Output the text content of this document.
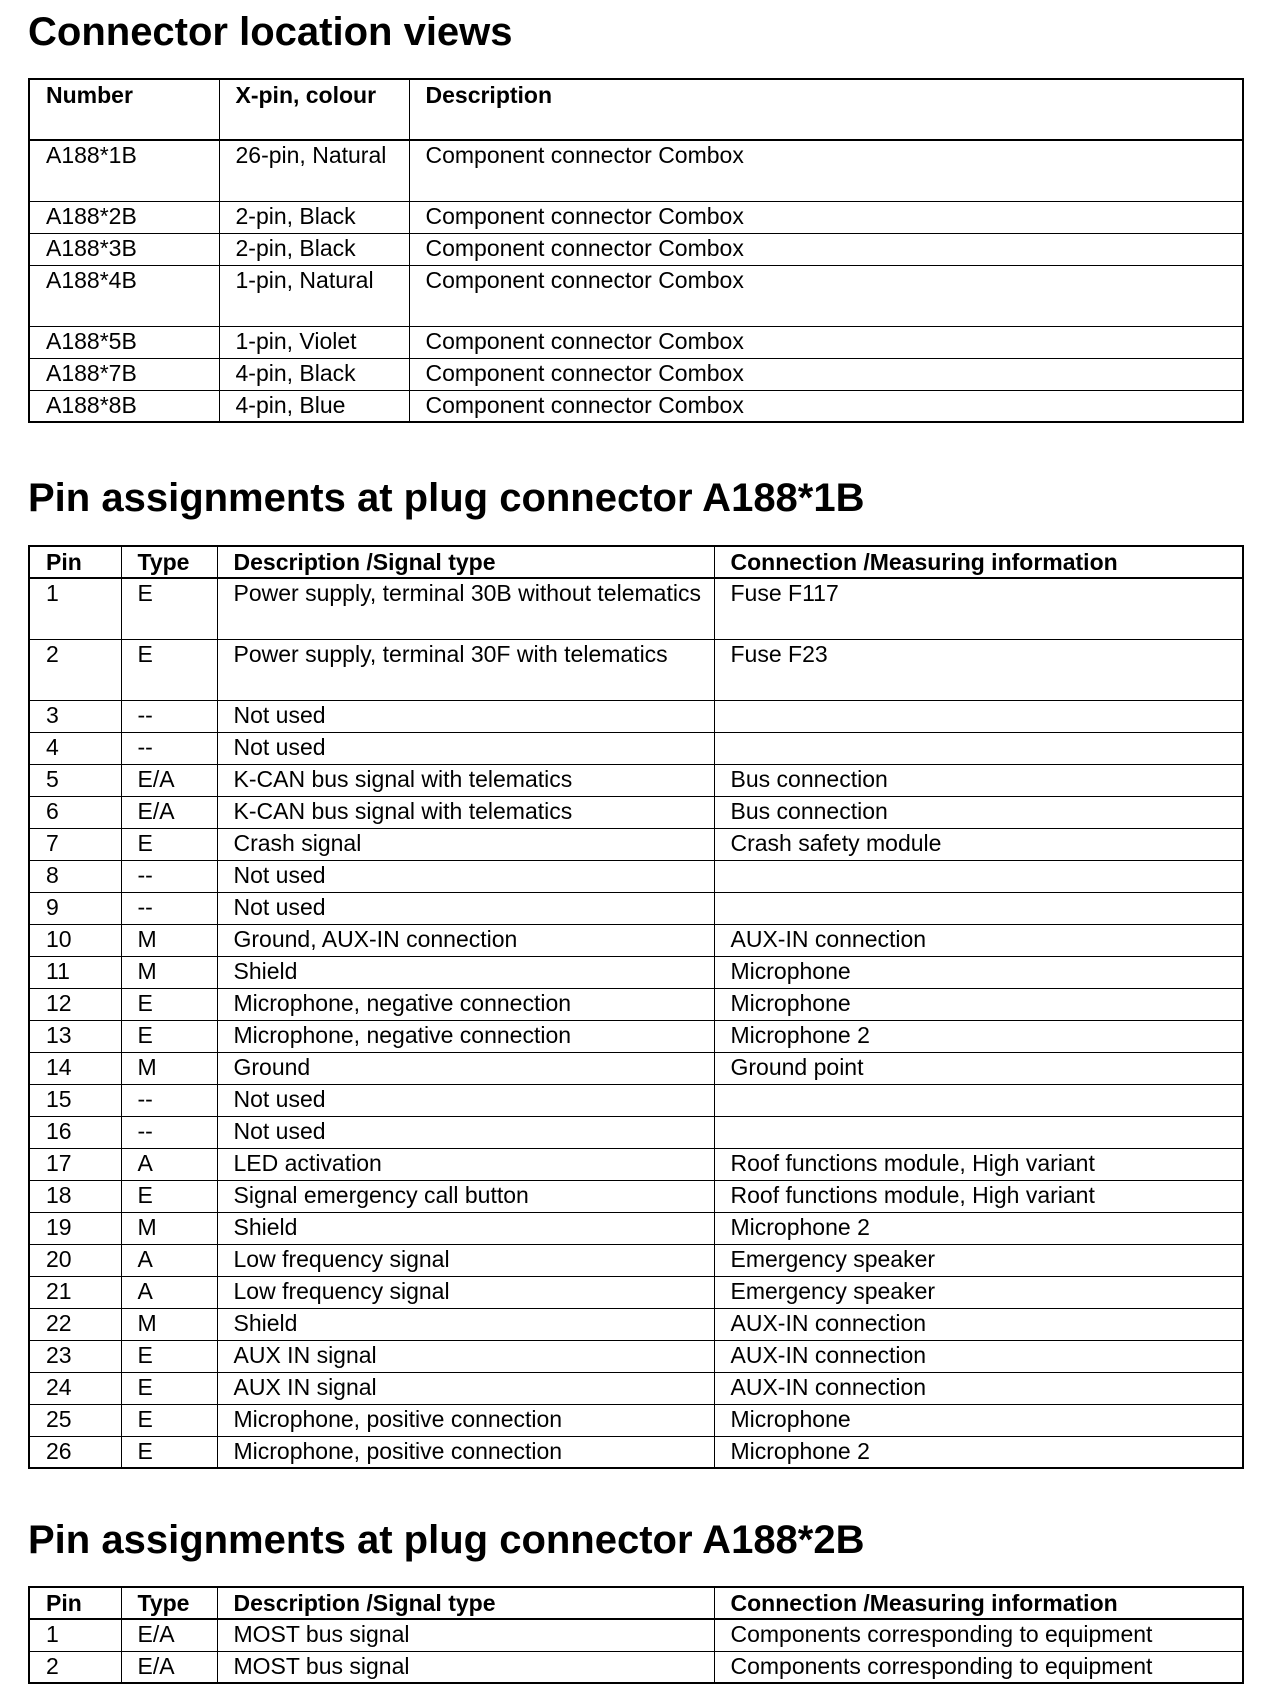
Connector location views
Number	X-pin, colour	Description
A188*1B	26-pin, Natural	Component connector Combox
A188*2B	2-pin, Black	Component connector Combox
A188*3B	2-pin, Black	Component connector Combox
A188*4B	1-pin, Natural	Component connector Combox
A188*5B	1-pin, Violet	Component connector Combox
A188*7B	4-pin, Black	Component connector Combox
A188*8B	4-pin, Blue	Component connector Combox
Pin assignments at plug connector A188*1B
Pin	Type	Description /Signal type	Connection /Measuring information
1	E	Power supply, terminal 30B without telematics	Fuse F117
2	E	Power supply, terminal 30F with telematics	Fuse F23
3	--	Not used	
4	--	Not used	
5	E/A	K-CAN bus signal with telematics	Bus connection
6	E/A	K-CAN bus signal with telematics	Bus connection
7	E	Crash signal	Crash safety module
8	--	Not used	
9	--	Not used	
10	M	Ground, AUX-IN connection	AUX-IN connection
11	M	Shield	Microphone
12	E	Microphone, negative connection	Microphone
13	E	Microphone, negative connection	Microphone 2
14	M	Ground	Ground point
15	--	Not used	
16	--	Not used	
17	A	LED activation	Roof functions module, High variant
18	E	Signal emergency call button	Roof functions module, High variant
19	M	Shield	Microphone 2
20	A	Low frequency signal	Emergency speaker
21	A	Low frequency signal	Emergency speaker
22	M	Shield	AUX-IN connection
23	E	AUX IN signal	AUX-IN connection
24	E	AUX IN signal	AUX-IN connection
25	E	Microphone, positive connection	Microphone
26	E	Microphone, positive connection	Microphone 2
Pin assignments at plug connector A188*2B
Pin	Type	Description /Signal type	Connection /Measuring information
1	E/A	MOST bus signal	Components corresponding to equipment
2	E/A	MOST bus signal	Components corresponding to equipment
